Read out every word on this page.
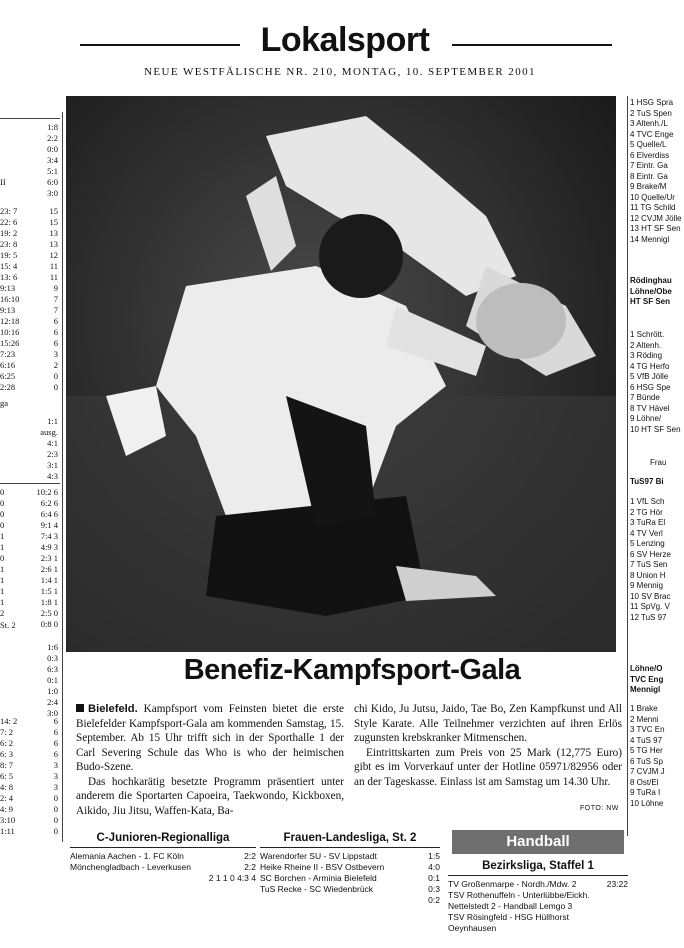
Lokalsport
NEUE WESTFÄLISCHE NR. 210, MONTAG, 10. SEPTEMBER 2001
1:8
2:2
0:0
3:4
5:1
II	6:0
3:0
23: 7	15
22: 6	15
19: 2	13
23: 8	13
19: 5	12
15: 4	11
13: 6	11
9:13	9
16:10	7
9:13	7
12:18	6
10:16	6
15:26	6
7:23	3
6:16	2
6:25	0
2:28	0
ga
1:1
ausg.
4:1
2:3
3:1
4:3
0	10:2 6
0	6:2 6
0	6:4 6
0	9:1 4
1	7:4 3
1	4:9 3
0	2:3 1
1	2:6 1
1	1:4 1
1	1:5 1
1	1:8 1
2	2:5 0
0:8 0
St. 2
1:6
0:3
6:3
0:1
1:0
2:4
3:0
14: 2	6
7: 2	6
6: 2	6
6: 3	6
8: 7	3
6: 5	3
4: 8	3
2: 4	0
4: 9	0
3:10	0
1:11	0
1 HSG Spra
2 TuS Spen
3 Altenh./L
4 TVC Enge
5 Quelle/L
6 Elverdiss
7 Eintr. Ga
8 Eintr. Ga
9 Brake/M
10 Quelle/Ur
11 TG Schild
12 CVJM Jölle
13 HT SF Sen
14 Mennigl
Rödinghau
Löhne/Obe
HT SF Sen
1 Schrött.
2 Altenh.
3 Röding
4 TG Herfo
5 VfB Jölle
6 HSG Spe
7 Bünde
8 TV Hävel
9 Löhne/
10 HT SF Sen
Frau
TuS97 Bi
1 VfL Sch
2 TG Hör
3 TuRa El
4 TV Verl
5 Lenzing
6 SV Herze
7 TuS Sen
8 Union H
9 Mennig
10 SV Brac
11 SpVg. V
12 TuS 97
Löhne/O
TVC Eng
Mennigl
1 Brake
2 Menni
3 TVC En
4 TuS 97
5 TG Her
6 TuS Sp
7 CVJM J
8 Ost/El
9 TuRa I
10 Löhne
Benefiz-Kampfsport-Gala

Bielefeld. Kampfsport vom Feinsten bietet die erste Bielefelder Kampfsport-Gala am kommenden Samstag, 15. September. Ab 15 Uhr trifft sich in der Sporthalle 1 der Carl Severing Schule das Who is who der heimischen Budo-Szene.

Das hochkarätig besetzte Programm präsentiert unter anderem die Sportarten Capoeira, Taekwondo, Kickboxen, Aikido, Jiu Jitsu, Waffen-Kata, Ba-

chi Kido, Ju Jutsu, Jaido, Tae Bo, Zen Kampfkunst und All Style Karate. Alle Teilnehmer verzichten auf ihren Erlös zugunsten krebskranker Mitmenschen.

Eintrittskarten zum Preis von 25 Mark (12,775 Euro) gibt es im Vorverkauf unter der Hotline 05971/82956 oder an der Tageskasse. Einlass ist am Samstag um 14.30 Uhr.

FOTO: NW
C-Junioren-Regionalliga
Alemania Aachen - 1. FC Köln	2:2
Mönchengladbach - Leverkusen	2:2
2 1 1 0 4:3 4
Frauen-Landesliga, St. 2
Warendorfer SU - SV Lippstadt	1:5
Heike Rheine II - BSV Ostbevern	4:0
SC Borchen - Arminia Bielefeld	0:1
TuS Recke - SC Wiedenbrück	0:3
0:2
Handball
Bezirksliga, Staffel 1
TV Großenmarpe - Nordh./Mdw. 2	23:22
TSV Rothenuffeln - Unterlübbe/Eickh.
Nettelstedt 2 - Handball Lemgo 3
TSV Rösingfeld - HSG Hüllhorst
Oeynhausen
